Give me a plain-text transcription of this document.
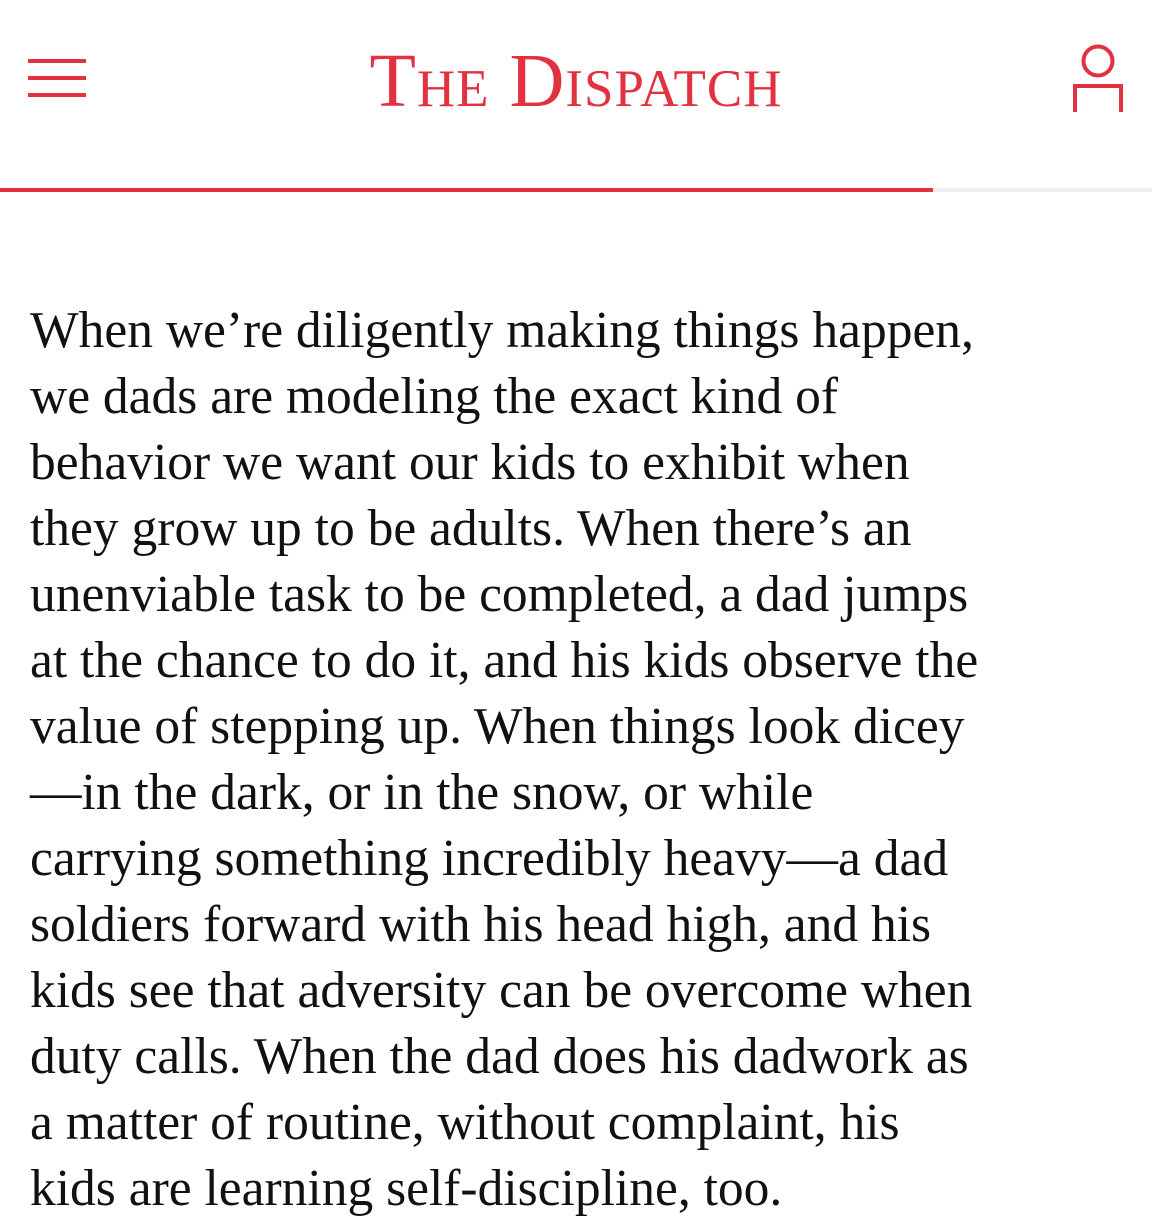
The Dispatch

When we’re diligently making things happen,
we dads are modeling the exact kind of
behavior we want our kids to exhibit when
they grow up to be adults. When there’s an
unenviable task to be completed, a dad jumps
at the chance to do it, and his kids observe the
value of stepping up. When things look dicey
—in the dark, or in the snow, or while
carrying something incredibly heavy—a dad
soldiers forward with his head high, and his
kids see that adversity can be overcome when
duty calls. When the dad does his dadwork as
a matter of routine, without complaint, his
kids are learning self-discipline, too.
